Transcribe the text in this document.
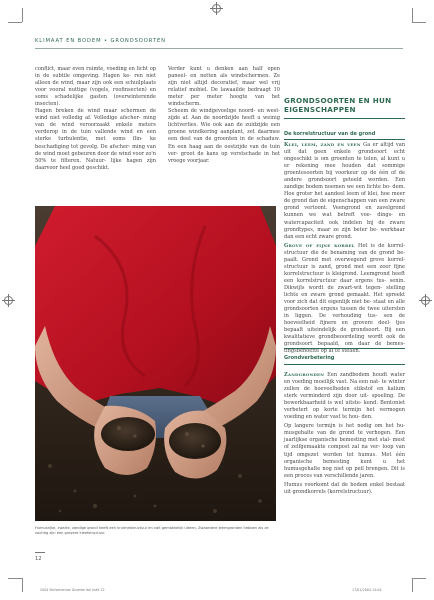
KLIMAAT EN BODEM • GRONDSOORTEN

conflict, maar even ruimte, voeding en licht op in de subtile omgeving. Hagen ke- ren niet alleen de wind, maar zijn ook een schuilplaats voor vooral nuttige (vogels, roofinsecten) en soms schadelijke gasten (overwinterende insecten).

Hagen breken de wind maar schermen de wind niet volledig af. Volledige afscher- ming van de wind veroorzaakt enkele meters verderop in de tuin vallende wind en een sterke turbulentie, met soms flin- ke beschadiging tot gevolg. De afscher- ming van de wind moet gebeuren door de wind voor zo'n 50% te filteren. Natuur- lijke hagen zijn daarvoor heel goed geschikt.

Verder kunt u denken aan half open paneel- en netten als windschermen. Ze zijn niet altijd decoratief, maar wel vrij relatief mobiel. De lawaailde bedraagt 10 meter per meter hoogte van het windscherm.

Scheem de windgevoelige noord- en west- zijde af. Aan de noordzijde heeft u weinig lichtverlies. Wie ook aan de zuidzijde een groene windkering aanplant, zet daarmee een deel van de groenten in de schaduw. En een haag aan de oostzijde van de tuin ver- groot de kans op vorstschade in het vroege voorjaar.

GRONDSOORTEN EN HUN
EIGENSCHAPPEN
De korrelstructuur van de grond

Klei, leem, zand en veen Ga er altijd van uit dat geen enkele grondsoort echt ongeschikt is om groenten te telen, al kunt u er rekening mee houden dat sommige groentesoorten bij voorkeur op de één of de andere grondsoort geteeld worden. Een zandige bodem noemen we een lichte bo- dem. Hoe groter het aandeel leem of klei, hoe meer de grond dan de eigenschappen van een zware grond vertoont. Veengrond en zavelgrond kunnen we wat betreft voe- dings- en watercapaciteit ook indelen bij de zware grondtypes, maar ze zijn beter be- werkbaar dan een echt zware grond.

Grove of fijne korrel Het is de korrel- structuur die de benaming van de grond be- paalt. Grond met overwegend grove korrel- structuur is zand, grond met een zeer fijne korrelstructuur is kleigrond. Leemgrond heeft een korrelstructuur daar ergens tus- senin. Dikwijls wordt de zwart-wit tegen- stelling lichte en zware grond gemaakt. Het spreekt voor zich dat dit eigenlijk niet be- staat en alle grondsoorten ergens tussen de twee uitersten in liggen. De verhouding tus- sen de hoeveelheid fijnere en grovere deel- tjes bepaalt uiteindelijk de grondsoort. Bij een kwalitatieve grondbeoordeling wordt ook de grondsoort bepaald, om daar de bemes- tingsbehoefte op af te stellen.

Grondverbetering

Zandgronden Een zandbodem houdt water en voeding moeilijk vast. Na een nat- te winter zullen de hoeveelheden stikstof en kalium sterk verminderd zijn door uit- spoeling. De bewerkbaarheid is wel uitste- kend. Bentoniet verbetert op korte termijn het vermogen voeding en water vast te hou- den.

Op langere termijn is het nodig om het hu- musgehalte van de grond te verhogen. Een jaarlijkse organische bemesting met stal- mest of zelfgemaakte compost zal na ver- loop van tijd omgezet worden tot humus. Met één organische bemesting kunt u het humusgehalte nog niet op peil brengen. Dit is een proces van verschillende jaren.

Humus voorkomt dat de bodem enkel bestaat uit grondkorrels (korrelstructuur).

Humusrijke, zwarte, zandige grond heeft een kruimelstructuur en valt gemakkelijk uiteen. Zwaardere leemgronden hebben als ze
vochtig zijn een grovere kleefstructuur.
12
2004 Bio'senemoe Groente del indd 12	17/01/2004 14:04
